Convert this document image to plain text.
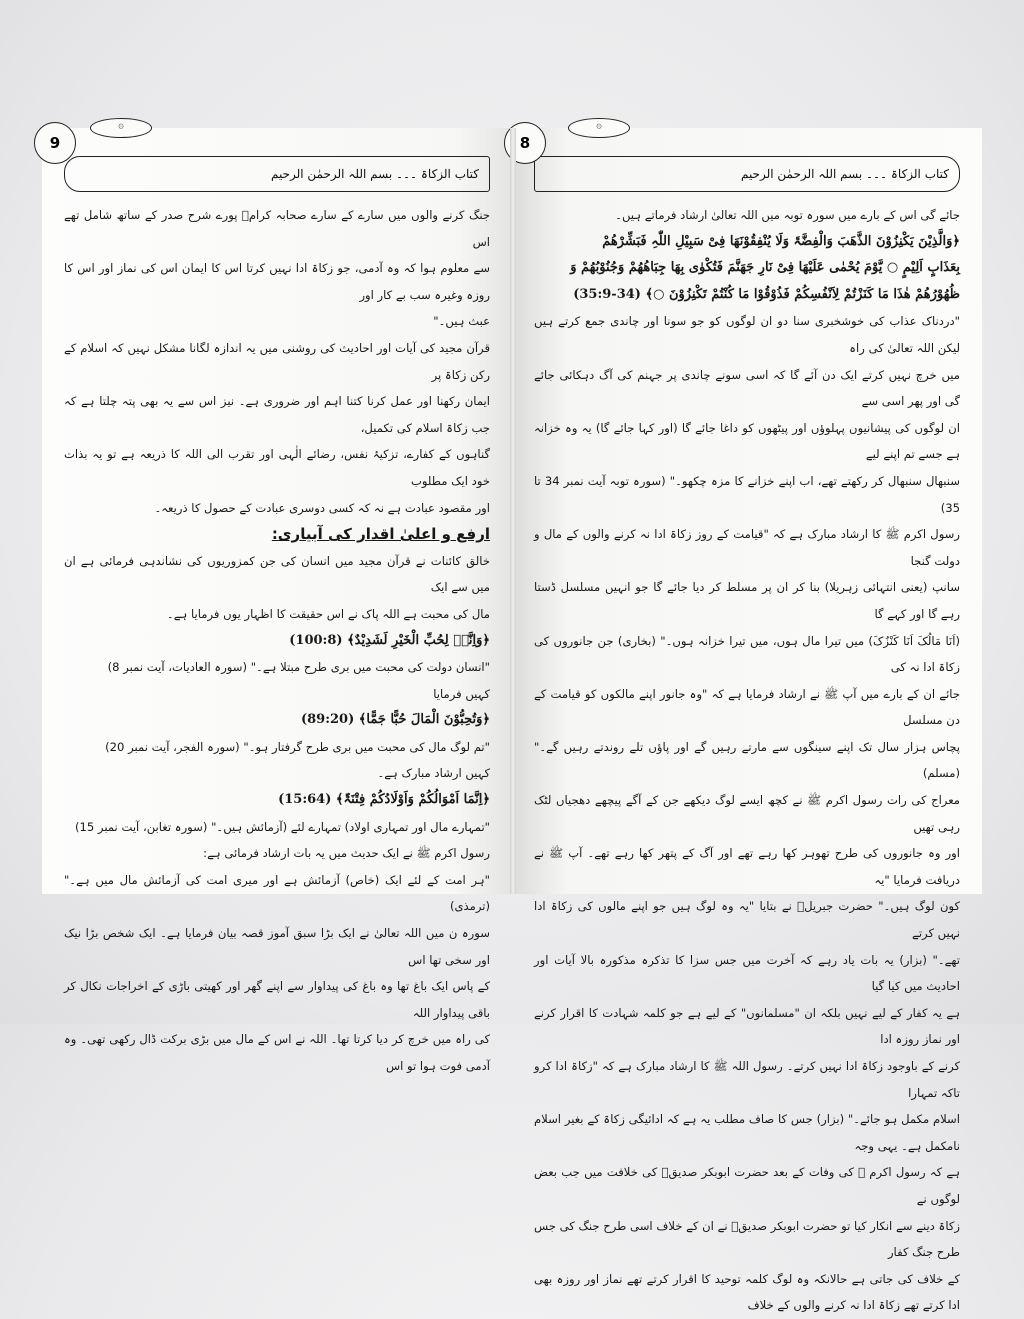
کتاب الزکاۃ ۔۔۔ بسم اللہ الرحمٰن الرحیم
9
۞

جنگ کرنے والوں میں سارے کے سارے صحابہ کرامؓ پورے شرح صدر کے ساتھ شامل تھے اس

سے معلوم ہوا کہ وہ آدمی، جو زکاۃ ادا نہیں کرتا اس کا ایمان اس کی نماز اور اس کا روزہ وغیرہ سب بے کار اور

عبث ہیں۔"

قرآن مجید کی آیات اور احادیث کی روشنی میں یہ اندازہ لگانا مشکل نہیں کہ اسلام کے رکن زکاۃ پر

ایمان رکھنا اور عمل کرنا کتنا اہم اور ضروری ہے۔ نیز اس سے یہ بھی پتہ چلتا ہے کہ جب زکاۃ اسلام کی تکمیل،

گناہوں کے کفارے، تزکیۂ نفس، رضائے الٰہی اور تقرب الی اللہ کا ذریعہ ہے تو یہ بذات خود ایک مطلوب

اور مقصود عبادت ہے نہ کہ کسی دوسری عبادت کے حصول کا ذریعہ۔

ارفع و اعلیٰ اقدار کی آبیاری:

خالق کائنات نے قرآن مجید میں انسان کی جن کمزوریوں کی نشاندہی فرمائی ہے ان میں سے ایک

مال کی محبت ہے اللہ پاک نے اس حقیقت کا اظہار یوں فرمایا ہے۔

﴿وَاِنَّہٗ لِحُبِّ الْخَیْرِ لَشَدِیْدٌ﴾ (100:8)

"انسان دولت کی محبت میں بری طرح مبتلا ہے۔" (سورہ العادیات، آیت نمبر 8)

کہیں فرمایا

﴿وَتُحِبُّوْنَ الْمَالَ حُبًّا جَمًّا﴾ (89:20)

"تم لوگ مال کی محبت میں بری طرح گرفتار ہو۔" (سورہ الفجر، آیت نمبر 20)

کہیں ارشاد مبارک ہے۔

﴿اِنَّمَا اَمْوَالُکُمْ وَاَوْلَادُکُمْ فِتْنَۃٌ﴾ (15:64)

"تمہارے مال اور تمہاری اولاد) تمہارے لئے (آزمائش ہیں۔" (سورہ تغابن، آیت نمبر 15)

رسول اکرم ﷺ نے ایک حدیث میں یہ بات ارشاد فرمائی ہے:

"ہر امت کے لئے ایک (خاص) آزمائش ہے اور میری امت کی آزمائش مال میں ہے۔" (ترمذی)

سورہ ن میں اللہ تعالیٰ نے ایک بڑا سبق آموز قصہ بیان فرمایا ہے۔ ایک شخص بڑا نیک اور سخی تھا اس

کے پاس ایک باغ تھا وہ باغ کی پیداوار سے اپنے گھر اور کھیتی باڑی کے اخراجات نکال کر باقی پیداوار اللہ

کی راہ میں خرچ کر دیا کرتا تھا۔ اللہ نے اس کے مال میں بڑی برکت ڈال رکھی تھی۔ وہ آدمی فوت ہوا تو اس

کتاب الزکاۃ ۔۔۔ بسم اللہ الرحمٰن الرحیم
8
۞

جائے گی اس کے بارے میں سورہ توبہ میں اللہ تعالیٰ ارشاد فرماتے ہیں۔

﴿وَالَّذِیْنَ یَکْنِزُوْنَ الذَّھَبَ وَالْفِضَّۃَ وَلَا یُنْفِقُوْنَھَا فِیْ سَبِیْلِ اللّٰہِ فَبَشِّرْھُمْ

بِعَذَابٍ اَلِیْمٍ ○ یَّوْمَ یُحْمٰی عَلَیْھَا فِیْ نَارِ جَھَنَّمَ فَتُکْوٰی بِھَا جِبَاھُھُمْ وَجُنُوْبُھُمْ وَ

ظُھُوْرُھُمْ ھٰذَا مَا کَنَزْتُمْ لِاَنْفُسِکُمْ فَذُوْقُوْا مَا کُنْتُمْ تَکْنِزُوْنَ ○﴾ (34-35:9)

"دردناک عذاب کی خوشخبری سنا دو ان لوگوں کو جو سونا اور چاندی جمع کرتے ہیں لیکن اللہ تعالیٰ کی راہ

میں خرچ نہیں کرتے ایک دن آئے گا کہ اسی سونے چاندی پر جہنم کی آگ دہکائی جائے گی اور پھر اسی سے

ان لوگوں کی پیشانیوں پہلوؤں اور پیٹھوں کو داغا جائے گا (اور کہا جائے گا) یہ وہ خزانہ ہے جسے تم اپنے لیے

سنبھال سنبھال کر رکھتے تھے، اب اپنے خزانے کا مزہ چکھو۔" (سورہ توبہ آیت نمبر 34 تا 35)

رسول اکرم ﷺ کا ارشاد مبارک ہے کہ "قیامت کے روز زکاۃ ادا نہ کرنے والوں کے مال و دولت گنجا

سانپ (یعنی انتہائی زہریلا) بنا کر ان پر مسلط کر دیا جائے گا جو انہیں مسلسل ڈستا رہے گا اور کہے گا

(اَنَا مَالُکَ اَنَا کَنْزُکَ) میں تیرا مال ہوں، میں تیرا خزانہ ہوں۔" (بخاری) جن جانوروں کی زکاۃ ادا نہ کی

جائے ان کے بارے میں آپ ﷺ نے ارشاد فرمایا ہے کہ "وہ جانور اپنے مالکوں کو قیامت کے دن مسلسل

پچاس ہزار سال تک اپنے سینگوں سے مارتے رہیں گے اور پاؤں تلے روندتے رہیں گے۔" (مسلم)

معراج کی رات رسول اکرم ﷺ نے کچھ ایسے لوگ دیکھے جن کے آگے پیچھے دھجیاں لٹک رہی تھیں

اور وہ جانوروں کی طرح تھوہر کھا رہے تھے اور آگ کے پتھر کھا رہے تھے۔ آپ ﷺ نے دریافت فرمایا "یہ

کون لوگ ہیں۔" حضرت جبریلؑ نے بتایا "یہ وہ لوگ ہیں جو اپنے مالوں کی زکاۃ ادا نہیں کرتے

تھے۔" (بزار) یہ بات یاد رہے کہ آخرت میں جس سزا کا تذکرہ مذکورہ بالا آیات اور احادیث میں کیا گیا

ہے یہ کفار کے لیے نہیں بلکہ ان "مسلمانوں" کے لیے ہے جو کلمہ شہادت کا اقرار کرنے اور نماز روزہ ادا

کرنے کے باوجود زکاۃ ادا نہیں کرتے۔ رسول اللہ ﷺ کا ارشاد مبارک ہے کہ "زکاۃ ادا کرو تاکہ تمہارا

اسلام مکمل ہو جائے۔" (بزار) جس کا صاف مطلب یہ ہے کہ ادائیگی زکاۃ کے بغیر اسلام نامکمل ہے۔ یہی وجہ

ہے کہ رسول اکرم ﷺ کی وفات کے بعد حضرت ابوبکر صدیقؓ کی خلافت میں جب بعض لوگوں نے

زکاۃ دینے سے انکار کیا تو حضرت ابوبکر صدیقؓ نے ان کے خلاف اسی طرح جنگ کی جس طرح جنگ کفار

کے خلاف کی جاتی ہے حالانکہ وہ لوگ کلمہ توحید کا اقرار کرتے تھے نماز اور روزہ بھی ادا کرتے تھے زکاۃ ادا نہ کرنے والوں کے خلاف
